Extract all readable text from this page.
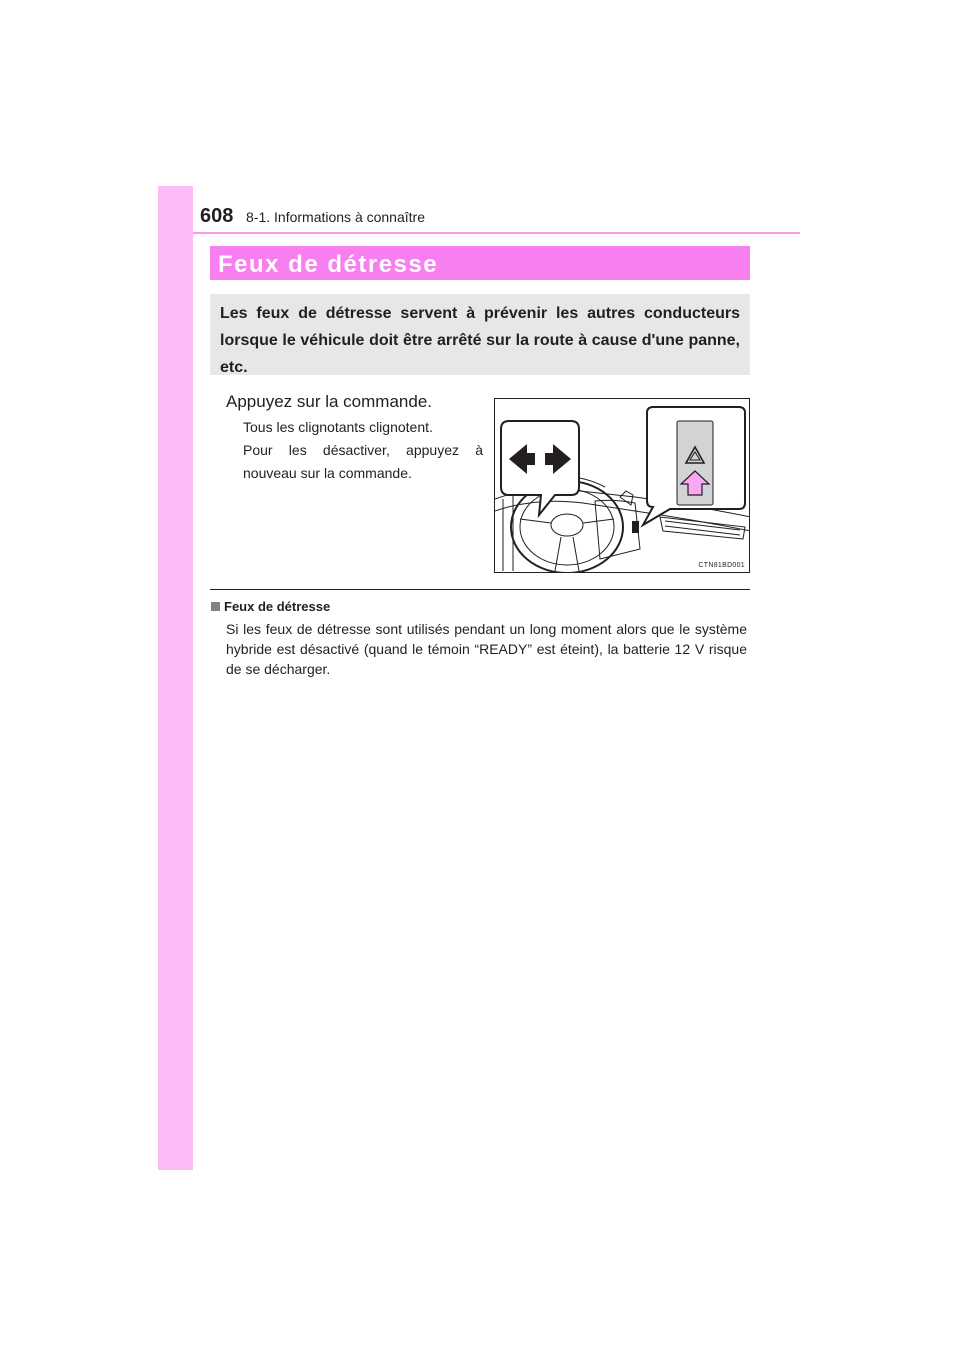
608 8-1. Informations à connaître
Feux de détresse

Les feux de détresse servent à prévenir les autres conducteurs lorsque le véhicule doit être arrêté sur la route à cause d'une panne, etc.

Appuyez sur la commande.

Tous les clignotants clignotent.

Pour les désactiver, appuyez à nouveau sur la commande.

CTN81BD001
Feux de détresse

Si les feux de détresse sont utilisés pendant un long moment alors que le système hybride est désactivé (quand le témoin “READY” est éteint), la batterie 12 V risque de se décharger.
